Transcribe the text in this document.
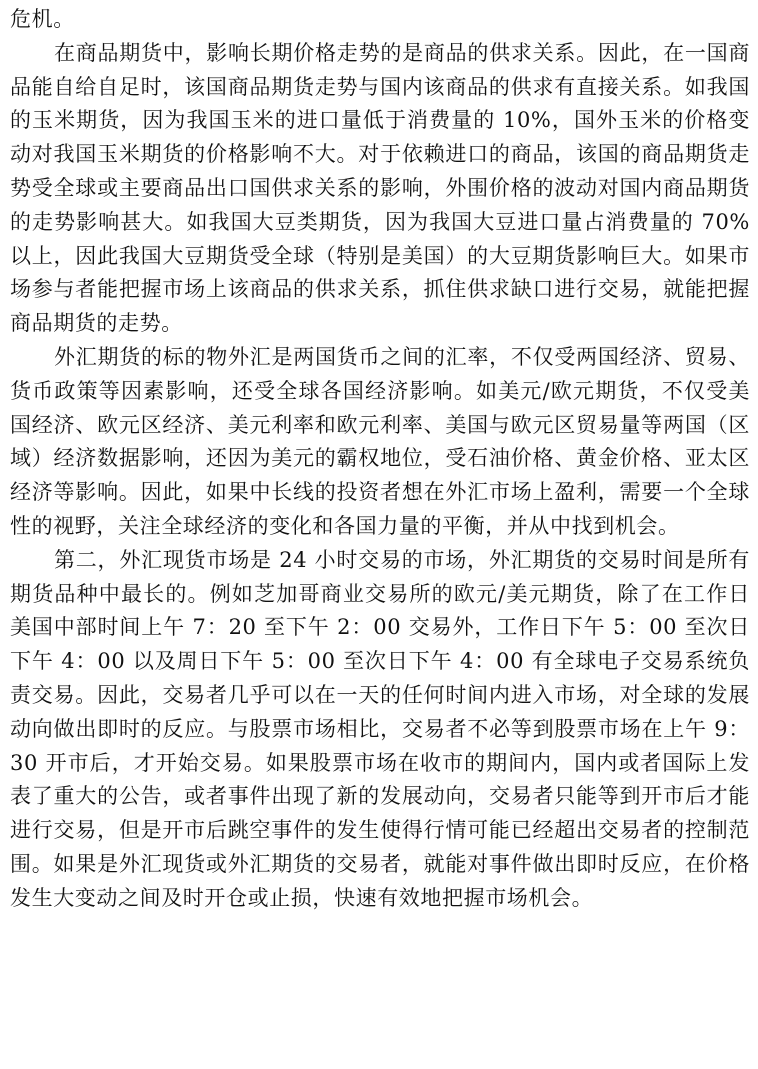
危机。

在商品期货中，影响长期价格走势的是商品的供求关系。因此，在一国商品能自给自足时，该国商品期货走势与国内该商品的供求有直接关系。如我国的玉米期货，因为我国玉米的进口量低于消费量的 10%，国外玉米的价格变动对我国玉米期货的价格影响不大。对于依赖进口的商品，该国的商品期货走势受全球或主要商品出口国供求关系的影响，外围价格的波动对国内商品期货的走势影响甚大。如我国大豆类期货，因为我国大豆进口量占消费量的 70% 以上，因此我国大豆期货受全球（特别是美国）的大豆期货影响巨大。如果市场参与者能把握市场上该商品的供求关系，抓住供求缺口进行交易，就能把握商品期货的走势。

外汇期货的标的物外汇是两国货币之间的汇率，不仅受两国经济、贸易、货币政策等因素影响，还受全球各国经济影响。如美元/欧元期货，不仅受美国经济、欧元区经济、美元利率和欧元利率、美国与欧元区贸易量等两国（区域）经济数据影响，还因为美元的霸权地位，受石油价格、黄金价格、亚太区经济等影响。因此，如果中长线的投资者想在外汇市场上盈利，需要一个全球性的视野，关注全球经济的变化和各国力量的平衡，并从中找到机会。

第二，外汇现货市场是 24 小时交易的市场，外汇期货的交易时间是所有期货品种中最长的。例如芝加哥商业交易所的欧元/美元期货，除了在工作日美国中部时间上午 7：20 至下午 2：00 交易外，工作日下午 5：00 至次日下午 4：00 以及周日下午 5：00 至次日下午 4：00 有全球电子交易系统负责交易。因此，交易者几乎可以在一天的任何时间内进入市场，对全球的发展动向做出即时的反应。与股票市场相比，交易者不必等到股票市场在上午 9：30 开市后，才开始交易。如果股票市场在收市的期间内，国内或者国际上发表了重大的公告，或者事件出现了新的发展动向，交易者只能等到开市后才能进行交易，但是开市后跳空事件的发生使得行情可能已经超出交易者的控制范围。如果是外汇现货或外汇期货的交易者，就能对事件做出即时反应，在价格发生大变动之间及时开仓或止损，快速有效地把握市场机会。
